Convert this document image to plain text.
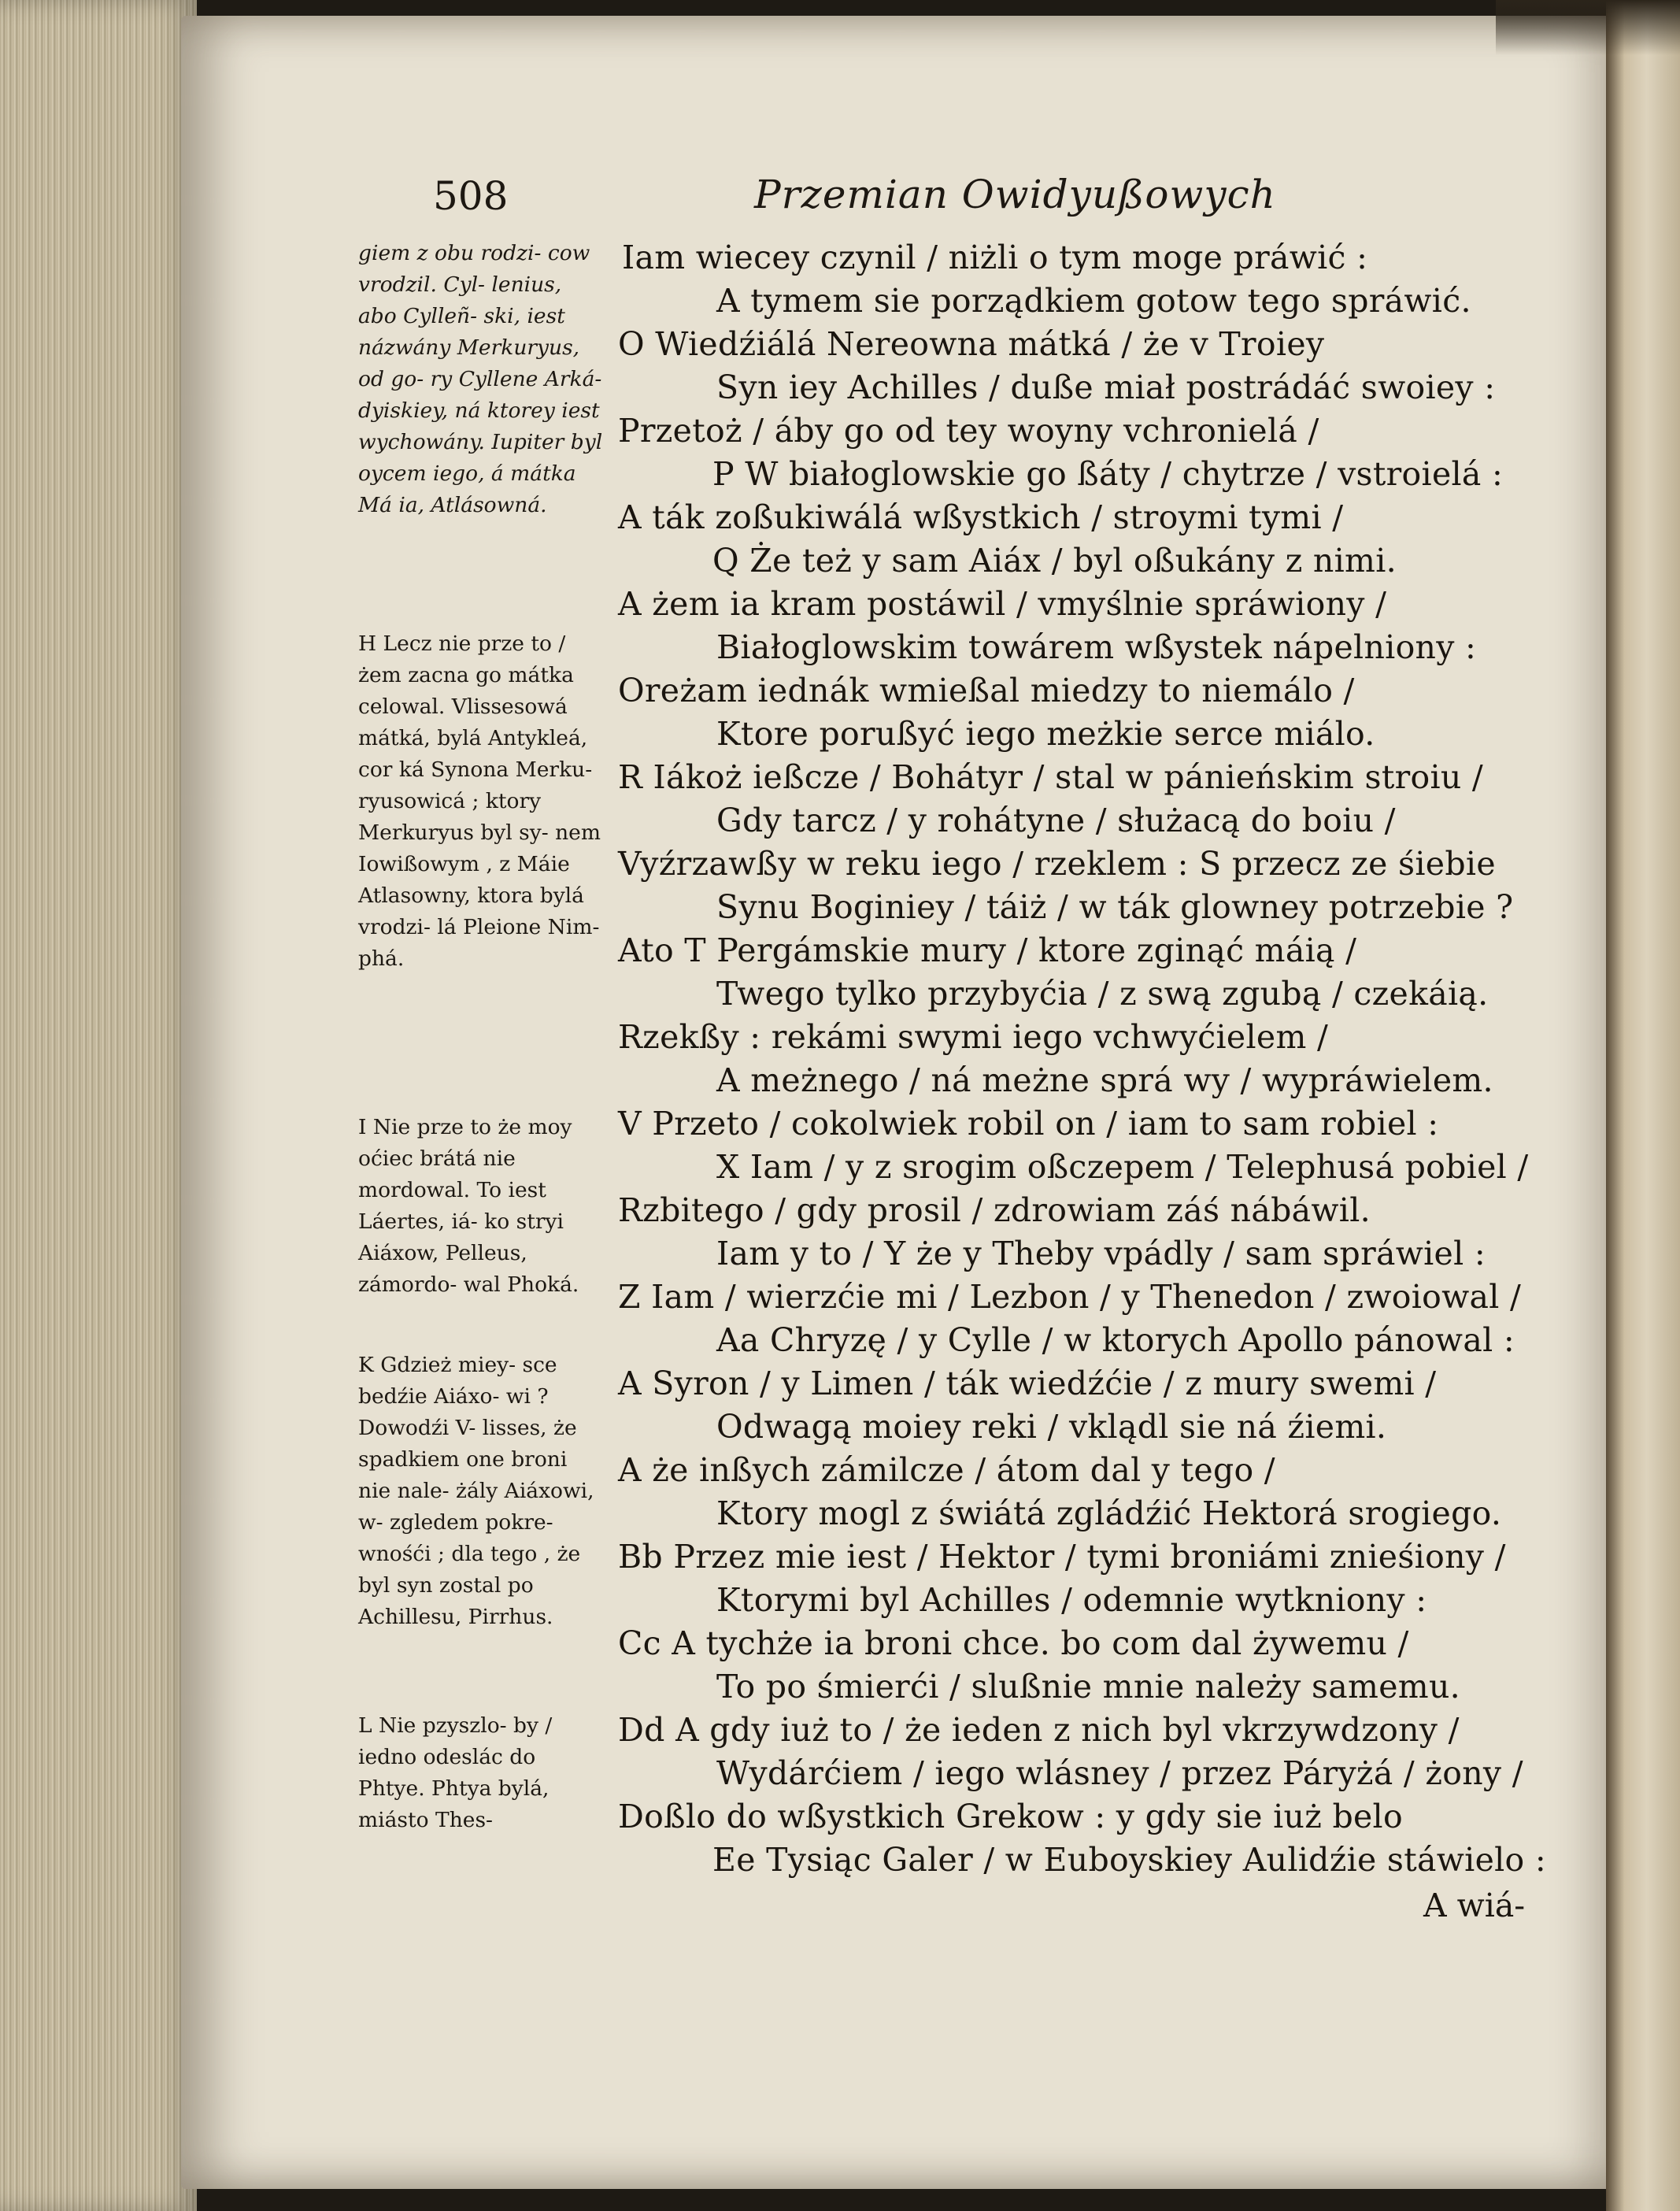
508	Przemian Owidyußowych

giem z obu rodzi- cow vrodzil. Cyl- lenius, abo Cylleñ- ski, iest názwány Merkuryus, od go- ry Cyllene Arká- dyiskiey, ná ktorey iest wychowány. Iupiter byl oycem iego, á mátka Má ia, Atlásowná.

H Lecz nie prze to / żem zacna go mátka celowal. Vlissesowá mátká, bylá Antykleá, cor ká Synona Merku- ryusowicá ; ktory Merkuryus byl sy- nem Iowißowym , z Máie Atlasowny, ktora bylá vrodzi- lá Pleione Nim- phá.

I Nie prze to że moy oćiec brátá nie mordowal. To iest Láertes, iá- ko stryi Aiáxow, Pelleus, zámordo- wal Phoká.

K Gdzież miey- sce bedźie Aiáxo- wi ? Dowodźi V- lisses, że spadkiem one broni nie nale- żály Aiáxowi, w- zgledem pokre- wnośći ; dla tego , że byl syn zostal po Achillesu, Pirrhus.

L Nie pzyszlo- by / iedno odeslác do Phtye. Phtya bylá, miásto Thes-

Iam wiecey czynil / niżli o tym moge práwić :

A tymem sie porządkiem gotow tego spráwić.

O Wiedźiálá Nereowna mátká / że v Troiey

Syn iey Achilles / duße miał postrádáć swoiey :

Przetoż / áby go od tey woyny vchronielá /

P W białoglowskie go ßáty / chytrze / vstroielá :

A ták zoßukiwálá wßystkich / stroymi tymi /

Q Że też y sam Aiáx / byl oßukány z nimi.

A żem ia kram postáwil / vmyślnie spráwiony /

Białoglowskim towárem wßystek nápelniony :

Oreżam iednák wmießal miedzy to niemálo /

Ktore porußyć iego meżkie serce miálo.

R Iákoż ießcze / Bohátyr / stal w pánieńskim stroiu /

Gdy tarcz / y rohátyne / służacą do boiu /

Vyźrzawßy w reku iego / rzeklem : S przecz ze śiebie

Synu Boginiey / táiż / w ták glowney potrzebie ?

Ato T Pergámskie mury / ktore zginąć máią /

Twego tylko przybyćia / z swą zgubą / czekáią.

Rzekßy : rekámi swymi iego vchwyćielem /

A meżnego / ná meżne sprá wy / wypráwielem.

V Przeto / cokolwiek robil on / iam to sam robiel :

X Iam / y z srogim oßczepem / Telephusá pobiel /

Rzbitego / gdy prosil / zdrowiam záś nábáwil.

Iam y to / Y że y Theby vpádly / sam spráwiel :

Z Iam / wierzćie mi / Lezbon / y Thenedon / zwoiowal /

Aa Chryzę / y Cylle / w ktorych Apollo pánowal :

A Syron / y Limen / ták wiedźćie / z mury swemi /

Odwagą moiey reki / vklądl sie ná źiemi.

A że inßych zámilcze / átom dal y tego /

Ktory mogl z świátá zgládźić Hektorá srogiego.

Bb Przez mie iest / Hektor / tymi broniámi znieśiony /

Ktorymi byl Achilles / odemnie wytkniony :

Cc A tychże ia broni chce. bo com dal żywemu /

To po śmierći / slußnie mnie należy samemu.

Dd A gdy iuż to / że ieden z nich byl vkrzywdzony /

Wydárćiem / iego wlásney / przez Páryżá / żony /

Doßlo do wßystkich Grekow : y gdy sie iuż belo

Ee Tysiąc Galer / w Euboyskiey Aulidźie stáwielo :

A wiá-
